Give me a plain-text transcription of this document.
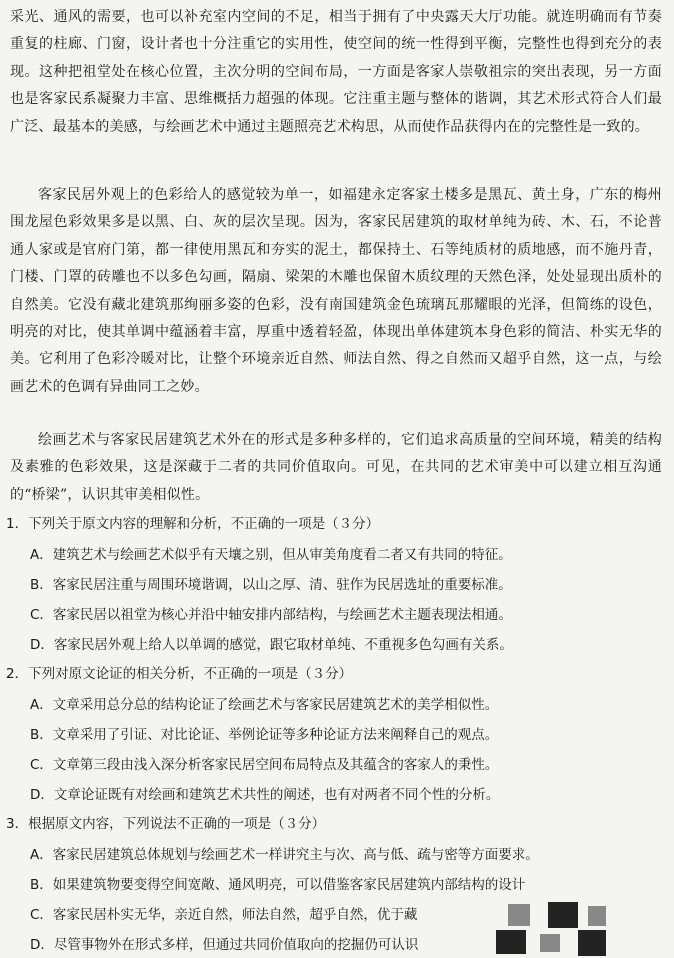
采光、通风的需要，也可以补充室内空间的不足，相当于拥有了中央露天大厅功能。就连明确而有节奏重复的柱廊、门窗，设计者也十分注重它的实用性，使空间的统一性得到平衡，完整性也得到充分的表现。这种把祖堂处在核心位置，主次分明的空间布局，一方面是客家人崇敬祖宗的突出表现，另一方面也是客家民系凝聚力丰富、思维概括力超强的体现。它注重主题与整体的谐调，其艺术形式符合人们最广泛、最基本的美感，与绘画艺术中通过主题照亮艺术构思，从而使作品获得内在的完整性是一致的。
客家民居外观上的色彩给人的感觉较为单一，如福建永定客家土楼多是黑瓦、黄土身，广东的梅州围龙屋色彩效果多是以黑、白、灰的层次呈现。因为，客家民居建筑的取材单纯为砖、木、石，不论普通人家或是官府门第，都一律使用黑瓦和夯实的泥土，都保持土、石等纯质材的质地感，而不施丹青，门楼、门罩的砖雕也不以多色勾画，隔扇、梁架的木雕也保留木质纹理的天然色泽，处处显现出质朴的自然美。它没有藏北建筑那绚丽多姿的色彩，没有南国建筑金色琉璃瓦那耀眼的光泽，但简练的设色，明亮的对比，使其单调中蕴涵着丰富，厚重中透着轻盈，体现出单体建筑本身色彩的简洁、朴实无华的美。它利用了色彩冷暖对比，让整个环境亲近自然、师法自然、得之自然而又超乎自然，这一点，与绘画艺术的色调有异曲同工之妙。
绘画艺术与客家民居建筑艺术外在的形式是多种多样的，它们追求高质量的空间环境，精美的结构及素雅的色彩效果，这是深藏于二者的共同价值取向。可见，在共同的艺术审美中可以建立相互沟通的“桥梁”，认识其审美相似性。
1．下列关于原文内容的理解和分析，不正确的一项是（３分）
A．建筑艺术与绘画艺术似乎有天壤之别，但从审美角度看二者又有共同的特征。
B．客家民居注重与周围环境谐调，以山之厚、清、驻作为民居选址的重要标准。
C．客家民居以祖堂为核心并沿中轴安排内部结构，与绘画艺术主题表现法相通。
D．客家民居外观上给人以单调的感觉，跟它取材单纯、不重视多色勾画有关系。
2．下列对原文论证的相关分析，不正确的一项是（３分）
A．文章采用总分总的结构论证了绘画艺术与客家民居建筑艺术的美学相似性。
B．文章采用了引证、对比论证、举例论证等多种论证方法来阐释自己的观点。
C．文章第三段由浅入深分析客家民居空间布局特点及其蕴含的客家人的秉性。
D．文章论证既有对绘画和建筑艺术共性的阐述，也有对两者不同个性的分析。
3．根据原文内容，下列说法不正确的一项是（３分）
A．客家民居建筑总体规划与绘画艺术一样讲究主与次、高与低、疏与密等方面要求。
B．如果建筑物要变得空间宽敞、通风明亮，可以借鉴客家民居建筑内部结构的设计
C．客家民居朴实无华，亲近自然，师法自然，超乎自然，优于藏
D．尽管事物外在形式多样，但通过共同价值取向的挖掘仍可认识
